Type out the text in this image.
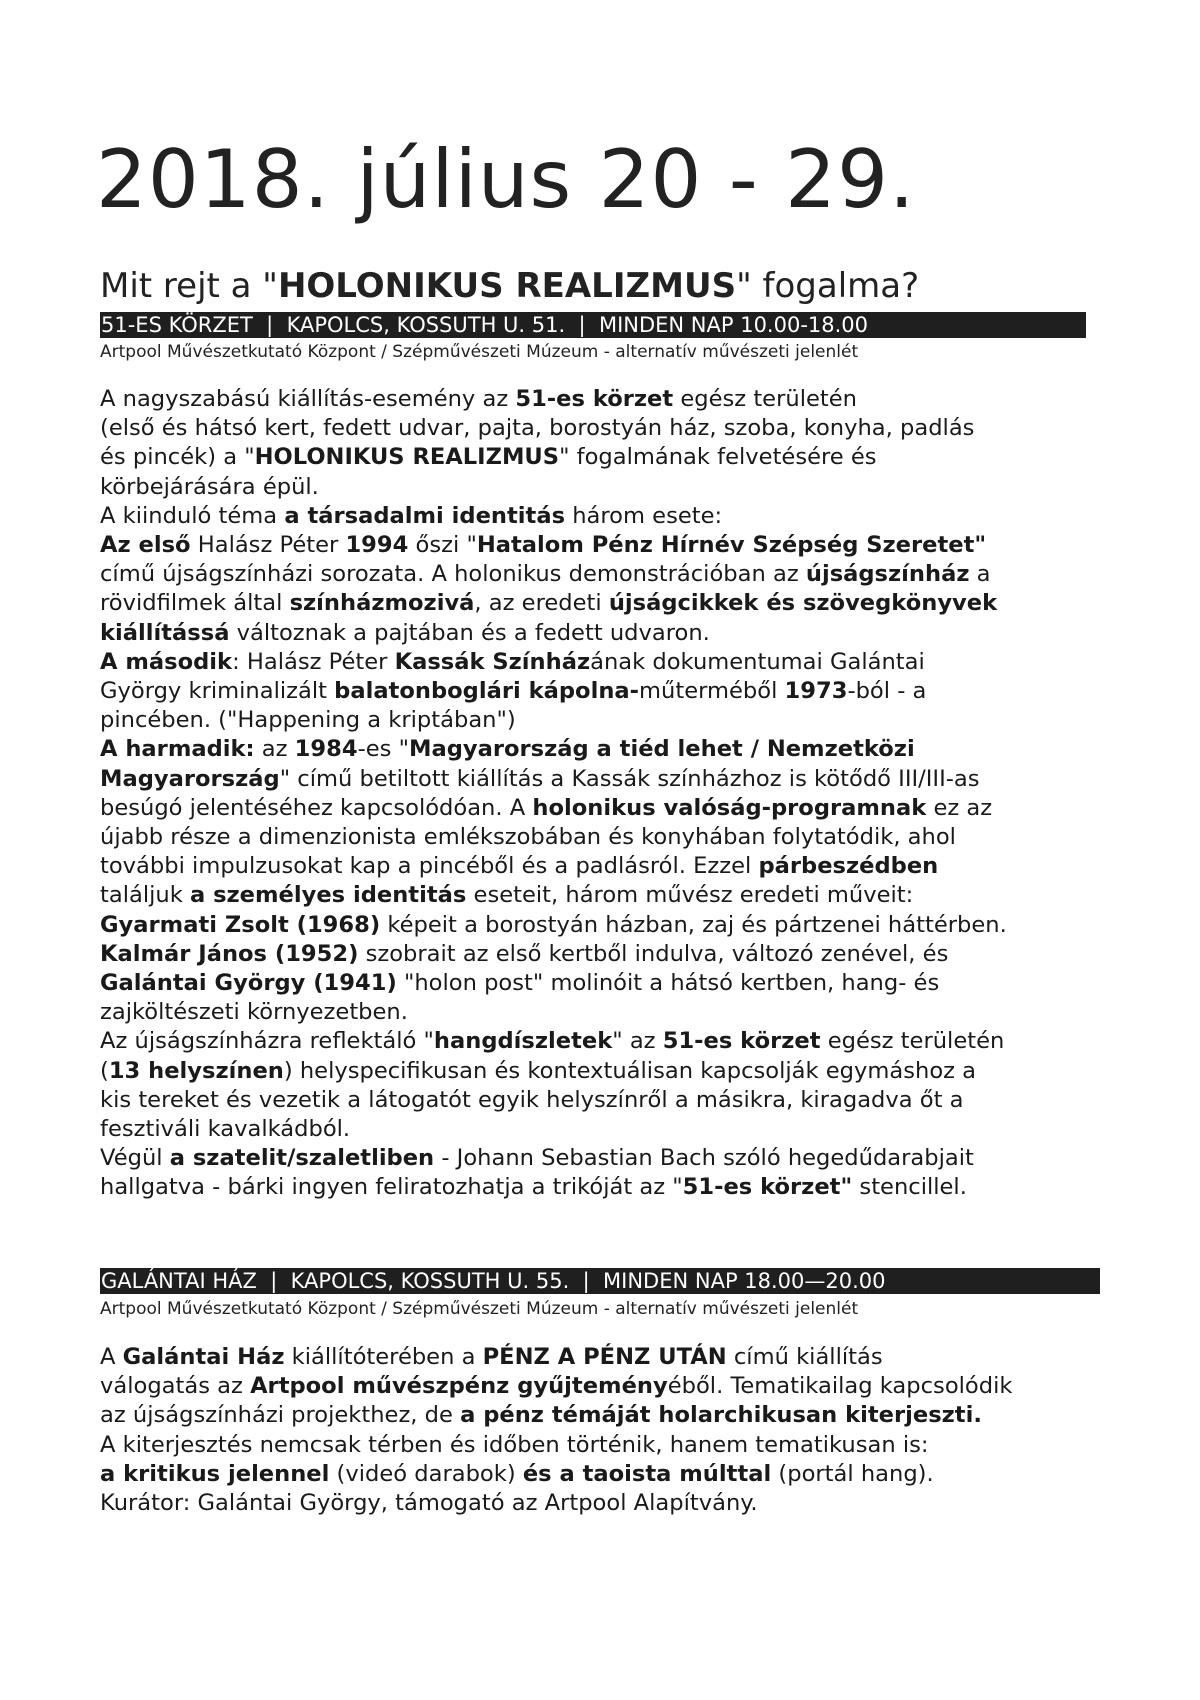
2018. július 20 - 29.
Mit rejt a "HOLONIKUS REALIZMUS" fogalma?
51-ES KÖRZET  |  KAPOLCS, KOSSUTH U. 51.  |  MINDEN NAP 10.00-18.00
Artpool Művészetkutató Központ / Szépművészeti Múzeum - alternatív művészeti jelenlét
A nagyszabású kiállítás-esemény az 51-es körzet egész területén
(első és hátsó kert, fedett udvar, pajta, borostyán ház, szoba, konyha, padlás
és pincék) a "HOLONIKUS REALIZMUS" fogalmának felvetésére és
körbejárására épül.
A kiinduló téma a társadalmi identitás három esete:
Az első Halász Péter 1994 őszi "Hatalom Pénz Hírnév Szépség Szeretet"
című újságszínházi sorozata. A holonikus demonstrációban az újságszínház a
rövidfilmek által színházmozivá, az eredeti újságcikkek és szövegkönyvek
kiállítássá változnak a pajtában és a fedett udvaron.
A második: Halász Péter Kassák Színházának dokumentumai Galántai
György kriminalizált balatonboglári kápolna-műterméből 1973-ból - a
pincében. ("Happening a kriptában")
A harmadik: az 1984-es "Magyarország a tiéd lehet / Nemzetközi
Magyarország" című betiltott kiállítás a Kassák színházhoz is kötődő III/III-as
besúgó jelentéséhez kapcsolódóan. A holonikus valóság-programnak ez az
újabb része a dimenzionista emlékszobában és konyhában folytatódik, ahol
további impulzusokat kap a pincéből és a padlásról. Ezzel párbeszédben
találjuk a személyes identitás eseteit, három művész eredeti műveit:
Gyarmati Zsolt (1968) képeit a borostyán házban, zaj és pártzenei háttérben.
Kalmár János (1952) szobrait az első kertből indulva, változó zenével, és
Galántai György (1941) "holon post" molinóit a hátsó kertben, hang- és
zajköltészeti környezetben.
Az újságszínházra reflektáló "hangdíszletek" az 51-es körzet egész területén
(13 helyszínen) helyspecifikusan és kontextuálisan kapcsolják egymáshoz a
kis tereket és vezetik a látogatót egyik helyszínről a másikra, kiragadva őt a
fesztiváli kavalkádból.
Végül a szatelit/szaletliben - Johann Sebastian Bach szóló hegedűdarabjait
hallgatva - bárki ingyen feliratozhatja a trikóját az "51-es körzet" stencillel.
GALÁNTAI HÁZ  |  KAPOLCS, KOSSUTH U. 55.  |  MINDEN NAP 18.00—20.00
Artpool Művészetkutató Központ / Szépművészeti Múzeum - alternatív művészeti jelenlét
A Galántai Ház kiállítóterében a PÉNZ A PÉNZ UTÁN című kiállítás
válogatás az Artpool művészpénz gyűjteményéből. Tematikailag kapcsolódik
az újságszínházi projekthez, de a pénz témáját holarchikusan kiterjeszti.
A kiterjesztés nemcsak térben és időben történik, hanem tematikusan is:
a kritikus jelennel (videó darabok) és a taoista múlttal (portál hang).
Kurátor: Galántai György, támogató az Artpool Alapítvány.
